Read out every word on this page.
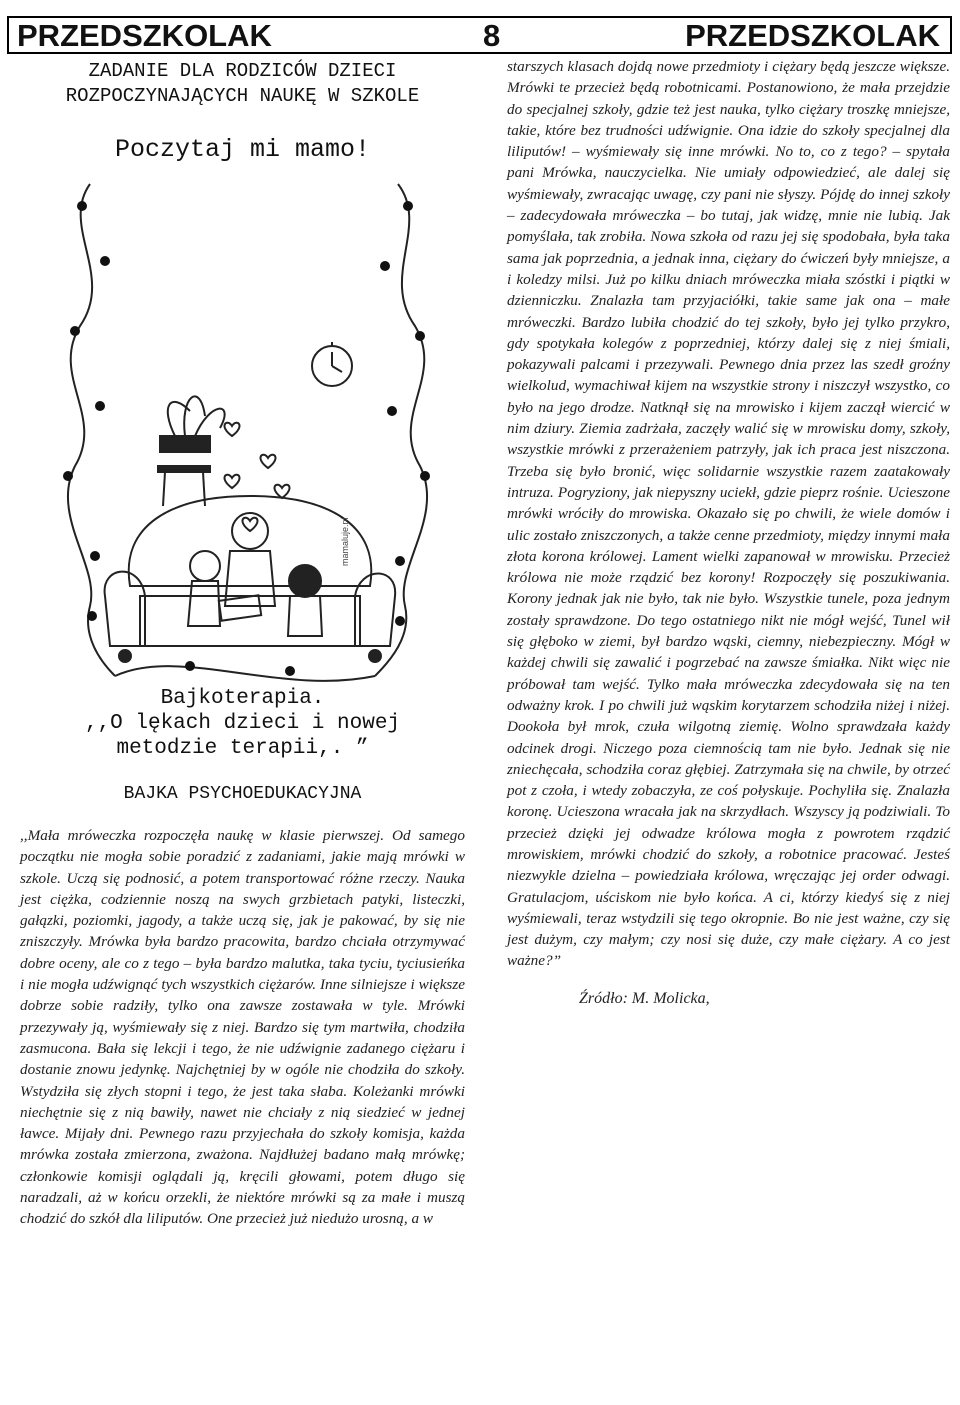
PRZEDSZKOLAK	8	PRZEDSZKOLAK
ZADANIE DLA RODZICÓW DZIECI
ROZPOCZYNAJĄCYCH NAUKĘ W SZKOLE
Poczytaj mi mamo!
mamaluje.nl
Bajkoterapia.
,,O lękach dzieci i nowej
metodzie terapii,. ”
BAJKA PSYCHOEDUKACYJNA

,,Mała mróweczka rozpoczęła naukę w klasie pierwszej. Od samego początku nie mogła sobie poradzić z zadaniami, jakie mają mrówki w szkole. Uczą się podnosić, a potem transportować różne rzeczy. Nauka jest ciężka, codziennie noszą na swych grzbietach patyki, listeczki, gałązki, poziomki, jagody, a także uczą się, jak je pakować, by się nie zniszczyły. Mrówka była bardzo pracowita, bardzo chciała otrzymywać dobre oceny, ale co z tego – była bardzo malutka, taka tyciu, tyciusieńka i nie mogła udźwignąć tych wszystkich ciężarów. Inne silniejsze i większe dobrze sobie radziły, tylko ona zawsze zostawała w tyle. Mrówki przezywały ją, wyśmiewały się z niej. Bardzo się tym martwiła, chodziła zasmucona. Bała się lekcji i tego, że nie udźwignie zadanego ciężaru i dostanie znowu jedynkę. Najchętniej by w ogóle nie chodziła do szkoły. Wstydziła się złych stopni i tego, że jest taka słaba. Koleżanki mrówki niechętnie się z nią bawiły, nawet nie chciały z nią siedzieć w jednej ławce. Mijały dni. Pewnego razu przyjechała do szkoły komisja, każda mrówka została zmierzona, zważona. Najdłużej badano małą mrówkę; członkowie komisji oglądali ją, kręcili głowami, potem długo się naradzali, aż w końcu orzekli, że niektóre mrówki są za małe i muszą chodzić do szkół dla liliputów. One przecież już niedużo urosną, a w

starszych klasach dojdą nowe przedmioty i ciężary będą jeszcze większe. Mrówki te przecież będą robotnicami. Postanowiono, że mała przejdzie do specjalnej szkoły, gdzie też jest nauka, tylko ciężary troszkę mniejsze, takie, które bez trudności udźwignie. Ona idzie do szkoły specjalnej dla liliputów! – wyśmiewały się inne mrówki. No to, co z tego? – spytała pani Mrówka, nauczycielka. Nie umiały odpowiedzieć, ale dalej się wyśmiewały, zwracając uwagę, czy pani nie słyszy. Pójdę do innej szkoły – zadecydowała mróweczka – bo tutaj, jak widzę, mnie nie lubią. Jak pomyślała, tak zrobiła. Nowa szkoła od razu jej się spodobała, była taka sama jak poprzednia, a jednak inna, ciężary do ćwiczeń były mniejsze, a i koledzy milsi. Już po kilku dniach mróweczka miała szóstki i piątki w dzienniczku. Znalazła tam przyjaciółki, takie same jak ona – małe mróweczki. Bardzo lubiła chodzić do tej szkoły, było jej tylko przykro, gdy spotykała kolegów z poprzedniej, którzy dalej się z niej śmiali, pokazywali palcami i przezywali. Pewnego dnia przez las szedł groźny wielkolud, wymachiwał kijem na wszystkie strony i niszczył wszystko, co było na jego drodze. Natknął się na mrowisko i kijem zaczął wiercić w nim dziury. Ziemia zadrżała, zaczęły walić się w mrowisku domy, szkoły, wszystkie mrówki z przerażeniem patrzyły, jak ich praca jest niszczona. Trzeba się było bronić, więc solidarnie wszystkie razem zaatakowały intruza. Pogryziony, jak niepyszny uciekł, gdzie pieprz rośnie. Ucieszone mrówki wróciły do mrowiska. Okazało się po chwili, że wiele domów i ulic zostało zniszczonych, a także cenne przedmioty, między innymi mała złota korona królowej. Lament wielki zapanował w mrowisku. Przecież królowa nie może rządzić bez korony! Rozpoczęły się poszukiwania. Korony jednak jak nie było, tak nie było. Wszystkie tunele, poza jednym zostały sprawdzone. Do tego ostatniego nikt nie mógł wejść, Tunel wił się głęboko w ziemi, był bardzo wąski, ciemny, niebezpieczny. Mógł w każdej chwili się zawalić i pogrzebać na zawsze śmiałka. Nikt więc nie próbował tam wejść. Tylko mała mróweczka zdecydowała się na ten odważny krok. I po chwili już wąskim korytarzem schodziła niżej i niżej. Dookoła był mrok, czuła wilgotną ziemię. Wolno sprawdzała każdy odcinek drogi. Niczego poza ciemnością tam nie było. Jednak się nie zniechęcała, schodziła coraz głębiej. Zatrzymała się na chwile, by otrzeć pot z czoła, i wtedy zobaczyła, ze coś połyskuje. Pochyliła się. Znalazła koronę. Ucieszona wracała jak na skrzydłach. Wszyscy ją podziwiali. To przecież dzięki jej odwadze królowa mogła z powrotem rządzić mrowiskiem, mrówki chodzić do szkoły, a robotnice pracować. Jesteś niezwykle dzielna – powiedziała królowa, wręczając jej order odwagi. Gratulacjom, uściskom nie było końca. A ci, którzy kiedyś się z niej wyśmiewali, teraz wstydzili się tego okropnie. Bo nie jest ważne, czy się jest dużym, czy małym; czy nosi się duże, czy małe ciężary. A co jest ważne?”

Źródło: M. Molicka,
